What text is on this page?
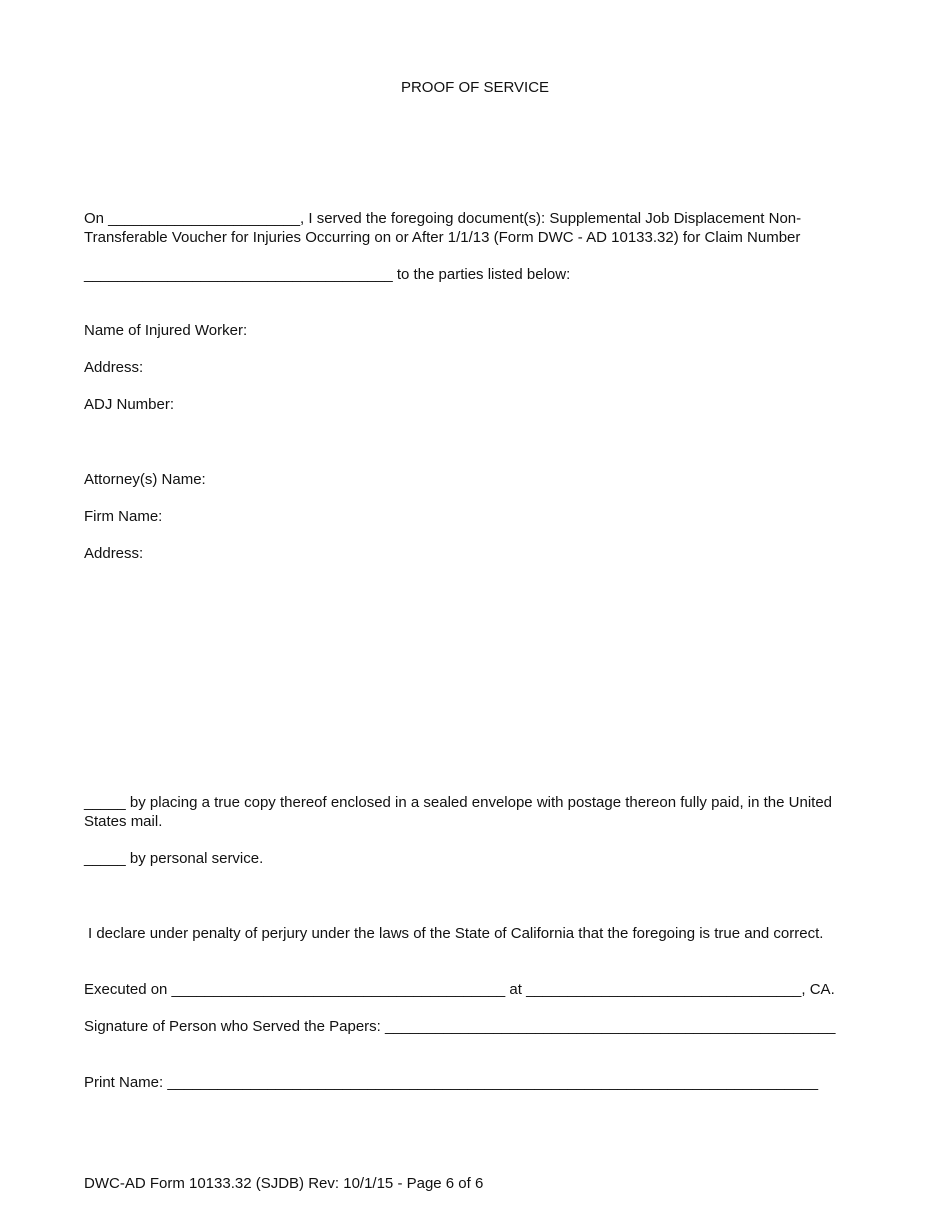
PROOF OF SERVICE
On _______________________, I served the foregoing document(s): Supplemental Job Displacement Non-
Transferable Voucher for Injuries Occurring on or After 1/1/13 (Form DWC - AD 10133.32) for Claim Number
_____________________________________ to the parties listed below:
Name of Injured Worker:
Address:
ADJ Number:
Attorney(s) Name:
Firm Name:
Address:
_____ by placing a true copy thereof enclosed in a sealed envelope with postage thereon fully paid, in the United
States mail.
_____ by personal service.
I declare under penalty of perjury under the laws of the State of California that the foregoing is true and correct.
Executed on ________________________________________ at _________________________________, CA.
Signature of Person who Served the Papers: ______________________________________________________
Print Name: ______________________________________________________________________________
DWC-AD Form 10133.32 (SJDB) Rev: 10/1/15 - Page 6 of 6
